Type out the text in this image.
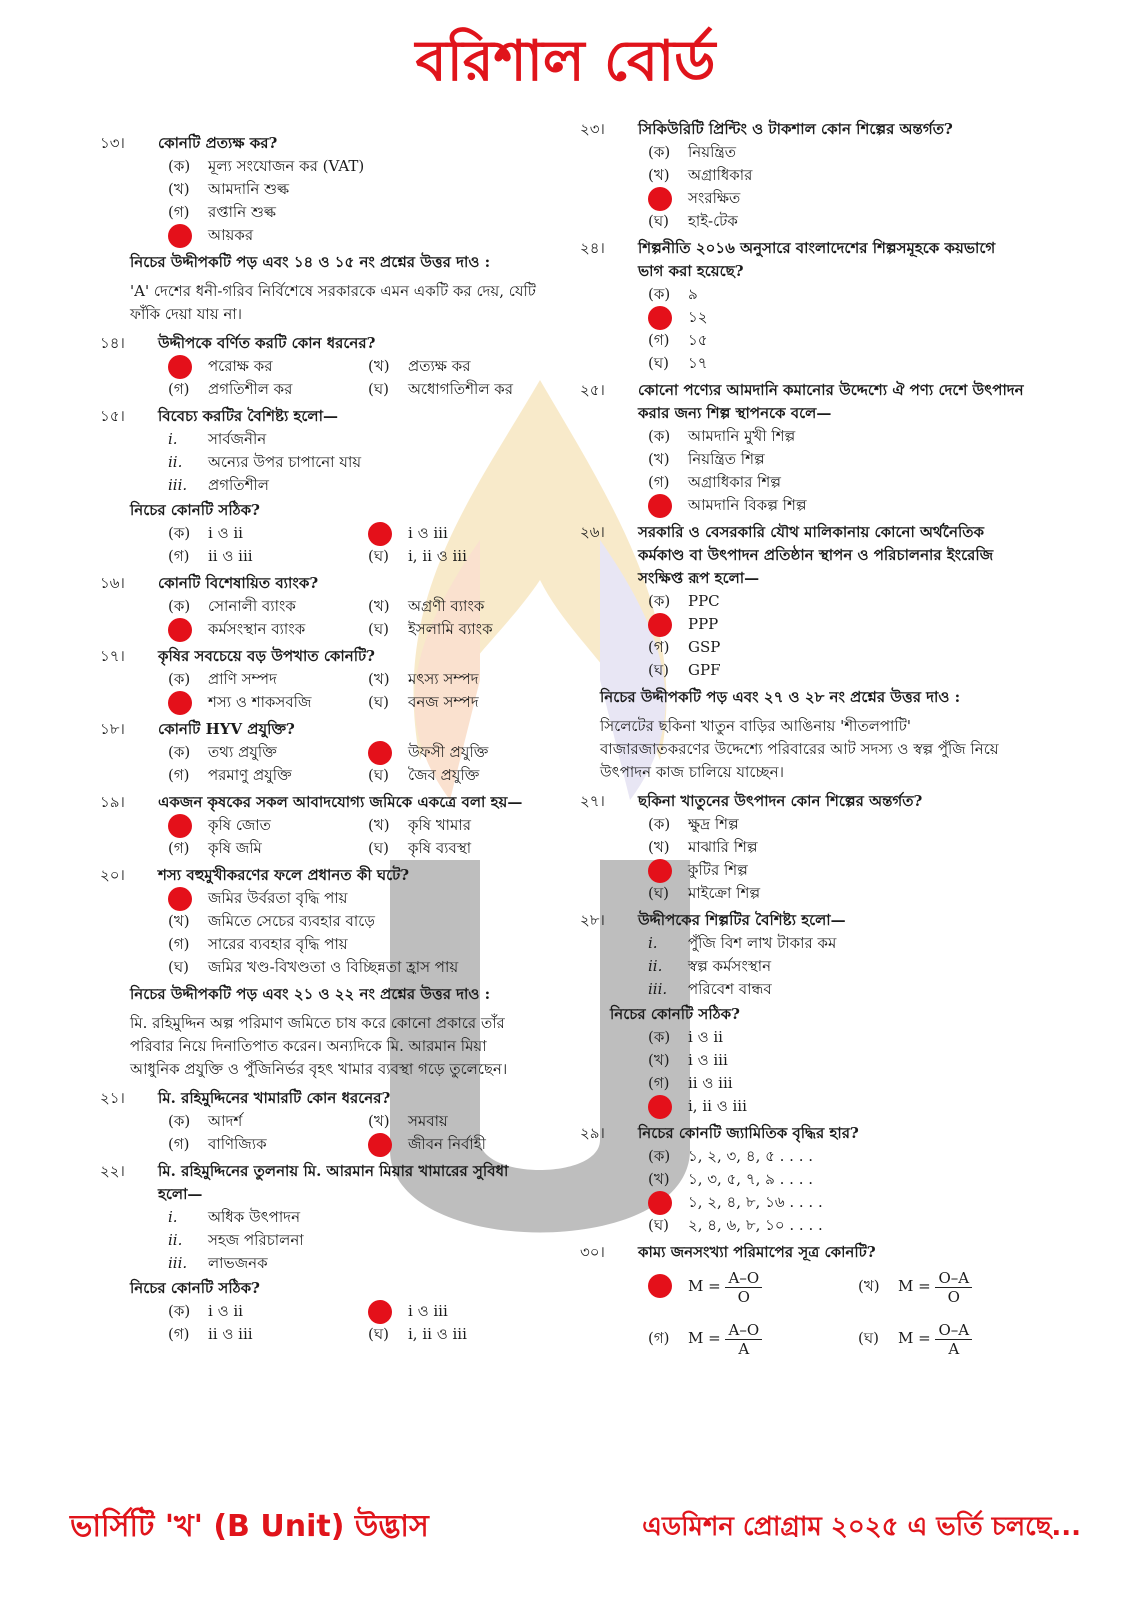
বরিশাল বোর্ড
১৩।	কোনটি প্রত্যক্ষ কর?
(ক)	মূল্য সংযোজন কর (VAT)
(খ)	আমদানি শুল্ক
(গ)	রপ্তানি শুল্ক
আয়কর
নিচের উদ্দীপকটি পড় এবং ১৪ ও ১৫ নং প্রশ্নের উত্তর দাও :
'A' দেশের ধনী-গরিব নির্বিশেষে সরকারকে এমন একটি কর দেয়, যেটি ফাঁকি দেয়া যায় না।
১৪।	উদ্দীপকে বর্ণিত করটি কোন ধরনের?
পরোক্ষ কর	(খ)	প্রত্যক্ষ কর
(গ)	প্রগতিশীল কর	(ঘ)	অধোগতিশীল কর
১৫।	বিবেচ্য করটির বৈশিষ্ট্য হলো—
i.	সার্বজনীন
ii.	অন্যের উপর চাপানো যায়
iii.	প্রগতিশীল
নিচের কোনটি সঠিক?
(ক)	i ও ii	i ও iii
(গ)	ii ও iii	(ঘ)	i, ii ও iii
১৬।	কোনটি বিশেষায়িত ব্যাংক?
(ক)	সোনালী ব্যাংক	(খ)	অগ্রণী ব্যাংক
কর্মসংস্থান ব্যাংক	(ঘ)	ইসলামি ব্যাংক
১৭।	কৃষির সবচেয়ে বড় উপখাত কোনটি?
(ক)	প্রাণি সম্পদ	(খ)	মৎস্য সম্পদ
শস্য ও শাকসবজি	(ঘ)	বনজ সম্পদ
১৮।	কোনটি HYV প্রযুক্তি?
(ক)	তথ্য প্রযুক্তি	উফসী প্রযুক্তি
(গ)	পরমাণু প্রযুক্তি	(ঘ)	জৈব প্রযুক্তি
১৯।	একজন কৃষকের সকল আবাদযোগ্য জমিকে একত্রে বলা হয়—
কৃষি জোত	(খ)	কৃষি খামার
(গ)	কৃষি জমি	(ঘ)	কৃষি ব্যবস্থা
২০।	শস্য বহুমুখীকরণের ফলে প্রধানত কী ঘটে?
জমির উর্বরতা বৃদ্ধি পায়
(খ)	জমিতে সেচের ব্যবহার বাড়ে
(গ)	সারের ব্যবহার বৃদ্ধি পায়
(ঘ)	জমির খণ্ড-বিখণ্ডতা ও বিচ্ছিন্নতা হ্রাস পায়
নিচের উদ্দীপকটি পড় এবং ২১ ও ২২ নং প্রশ্নের উত্তর দাও :
মি. রহিমুদ্দিন অল্প পরিমাণ জমিতে চাষ করে কোনো প্রকারে তাঁর পরিবার নিয়ে দিনাতিপাত করেন। অন্যদিকে মি. আরমান মিয়া আধুনিক প্রযুক্তি ও পুঁজিনির্ভর বৃহৎ খামার ব্যবস্থা গড়ে তুলেছেন।
২১।	মি. রহিমুদ্দিনের খামারটি কোন ধরনের?
(ক)	আদর্শ	(খ)	সমবায়
(গ)	বাণিজ্যিক	জীবন নির্বাহী
২২।	মি. রহিমুদ্দিনের তুলনায় মি. আরমান মিয়ার খামারের সুবিধা হলো—
i.	অধিক উৎপাদন
ii.	সহজ পরিচালনা
iii.	লাভজনক
নিচের কোনটি সঠিক?
(ক)	i ও ii	i ও iii
(গ)	ii ও iii	(ঘ)	i, ii ও iii
২৩।	সিকিউরিটি প্রিন্টিং ও টাকশাল কোন শিল্পের অন্তর্গত?
(ক)	নিয়ন্ত্রিত
(খ)	অগ্রাধিকার
সংরক্ষিত
(ঘ)	হাই-টেক
২৪।	শিল্পনীতি ২০১৬ অনুসারে বাংলাদেশের শিল্পসমূহকে কয়ভাগে ভাগ করা হয়েছে?
(ক)	৯
১২
(গ)	১৫
(ঘ)	১৭
২৫।	কোনো পণ্যের আমদানি কমানোর উদ্দেশ্যে ঐ পণ্য দেশে উৎপাদন করার জন্য শিল্প স্থাপনকে বলে—
(ক)	আমদানি মুখী শিল্প
(খ)	নিয়ন্ত্রিত শিল্প
(গ)	অগ্রাধিকার শিল্প
আমদানি বিকল্প শিল্প
২৬।	সরকারি ও বেসরকারি যৌথ মালিকানায় কোনো অর্থনৈতিক কর্মকাণ্ড বা উৎপাদন প্রতিষ্ঠান স্থাপন ও পরিচালনার ইংরেজি সংক্ষিপ্ত রূপ হলো—
(ক)	PPC
PPP
(গ)	GSP
(ঘ)	GPF
নিচের উদ্দীপকটি পড় এবং ২৭ ও ২৮ নং প্রশ্নের উত্তর দাও :
সিলেটের ছকিনা খাতুন বাড়ির আঙিনায় 'শীতলপাটি' বাজারজাতকরণের উদ্দেশ্যে পরিবারের আট সদস্য ও স্বল্প পুঁজি নিয়ে উৎপাদন কাজ চালিয়ে যাচ্ছেন।
২৭।	ছকিনা খাতুনের উৎপাদন কোন শিল্পের অন্তর্গত?
(ক)	ক্ষুদ্র শিল্প
(খ)	মাঝারি শিল্প
কুটির শিল্প
(ঘ)	মাইক্রো শিল্প
২৮।	উদ্দীপকের শিল্পটির বৈশিষ্ট্য হলো—
i.	পুঁজি বিশ লাখ টাকার কম
ii.	স্বল্প কর্মসংস্থান
iii.	পরিবেশ বান্ধব
নিচের কোনটি সঠিক?
(ক)	i ও ii
(খ)	i ও iii
(গ)	ii ও iii
i, ii ও iii
২৯।	নিচের কোনটি জ্যামিতিক বৃদ্ধির হার?
(ক)	১, ২, ৩, ৪, ৫ . . . .
(খ)	১, ৩, ৫, ৭, ৯ . . . .
১, ২, ৪, ৮, ১৬ . . . .
(ঘ)	২, ৪, ৬, ৮, ১০ . . . .
৩০।	কাম্য জনসংখ্যা পরিমাপের সূত্র কোনটি?
$M = \frac{A-O}{O}$	(খ)	$M = \frac{O-A}{O}$
(গ)	$M = \frac{A-O}{A}$	(ঘ)	$M = \frac{O-A}{A}$
ভার্সিটি 'খ' (B Unit) উদ্ভাস	এডমিশন প্রোগ্রাম ২০২৫ এ ভর্তি চলছে...
